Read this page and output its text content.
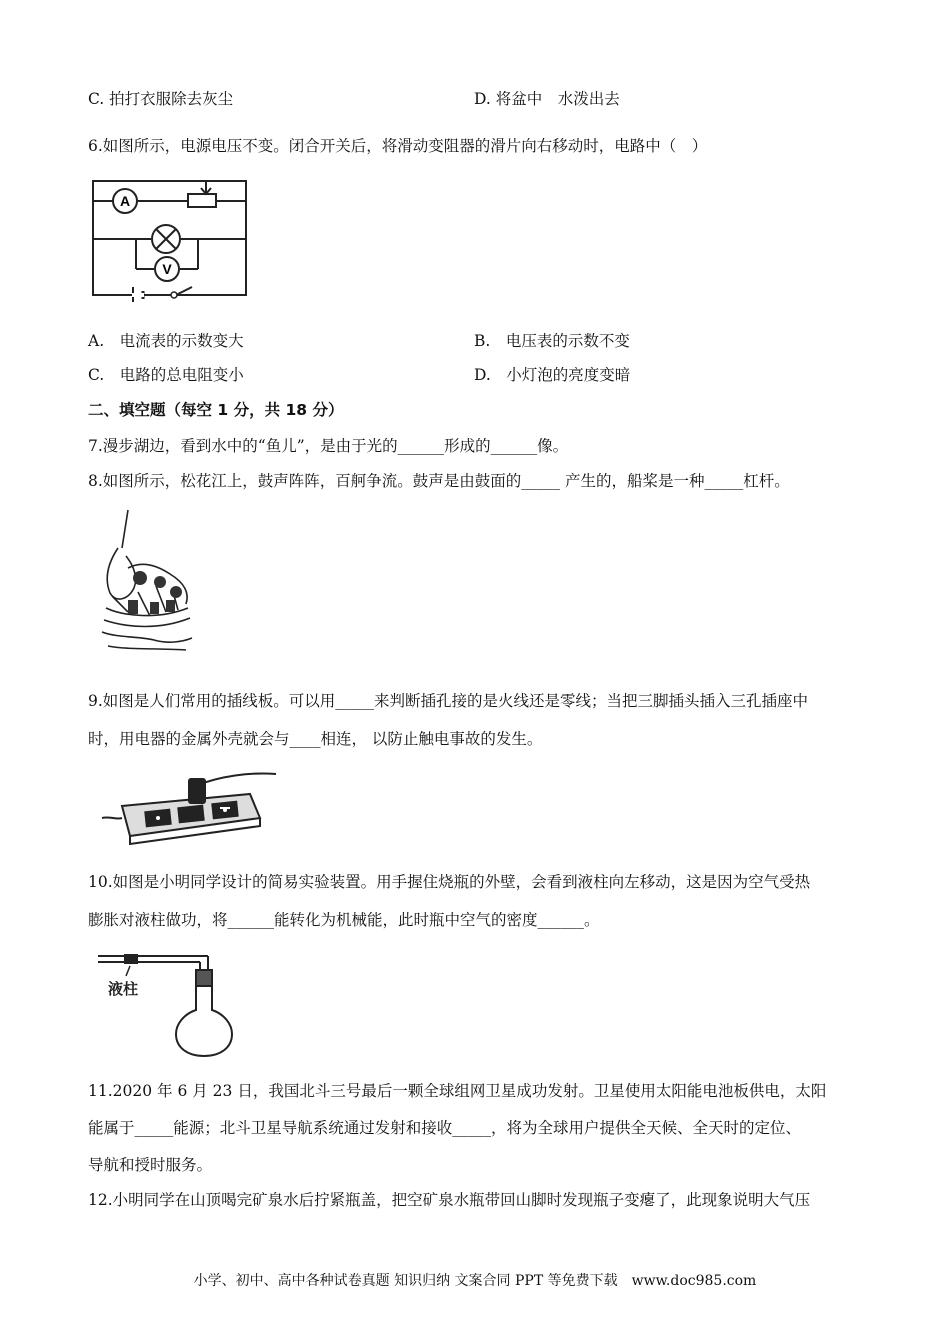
C. 拍打衣服除去灰尘	D. 将盆中　水泼出去
6.如图所示，电源电压不变。闭合开关后，将滑动变阻器的滑片向右移动时，电路中（　）
A
V
A.　电流表的示数变大	B.　电压表的示数不变
C.　电路的总电阻变小	D.　小灯泡的亮度变暗
二、填空题（每空 1 分，共 18 分）
7.漫步湖边，看到水中的“鱼儿”，是由于光的______形成的______像。
8.如图所示，松花江上，鼓声阵阵，百舸争流。鼓声是由鼓面的_____ 产生的，船桨是一种_____杠杆。
9.如图是人们常用的插线板。可以用_____来判断插孔接的是火线还是零线；当把三脚插头插入三孔插座中
时，用电器的金属外壳就会与____相连， 以防止触电事故的发生。
10.如图是小明同学设计的简易实验装置。用手握住烧瓶的外壁，会看到液柱向左移动，这是因为空气受热
膨胀对液柱做功，将______能转化为机械能，此时瓶中空气的密度______。
液柱
11.2020 年 6 月 23 日，我国北斗三号最后一颗全球组网卫星成功发射。卫星使用太阳能电池板供电，太阳
能属于_____能源；北斗卫星导航系统通过发射和接收_____，将为全球用户提供全天候、全天时的定位、
导航和授时服务。
12.小明同学在山顶喝完矿泉水后拧紧瓶盖，把空矿泉水瓶带回山脚时发现瓶子变瘪了，此现象说明大气压
小学、初中、高中各种试卷真题 知识归纳 文案合同 PPT 等免费下载　www.doc985.com
